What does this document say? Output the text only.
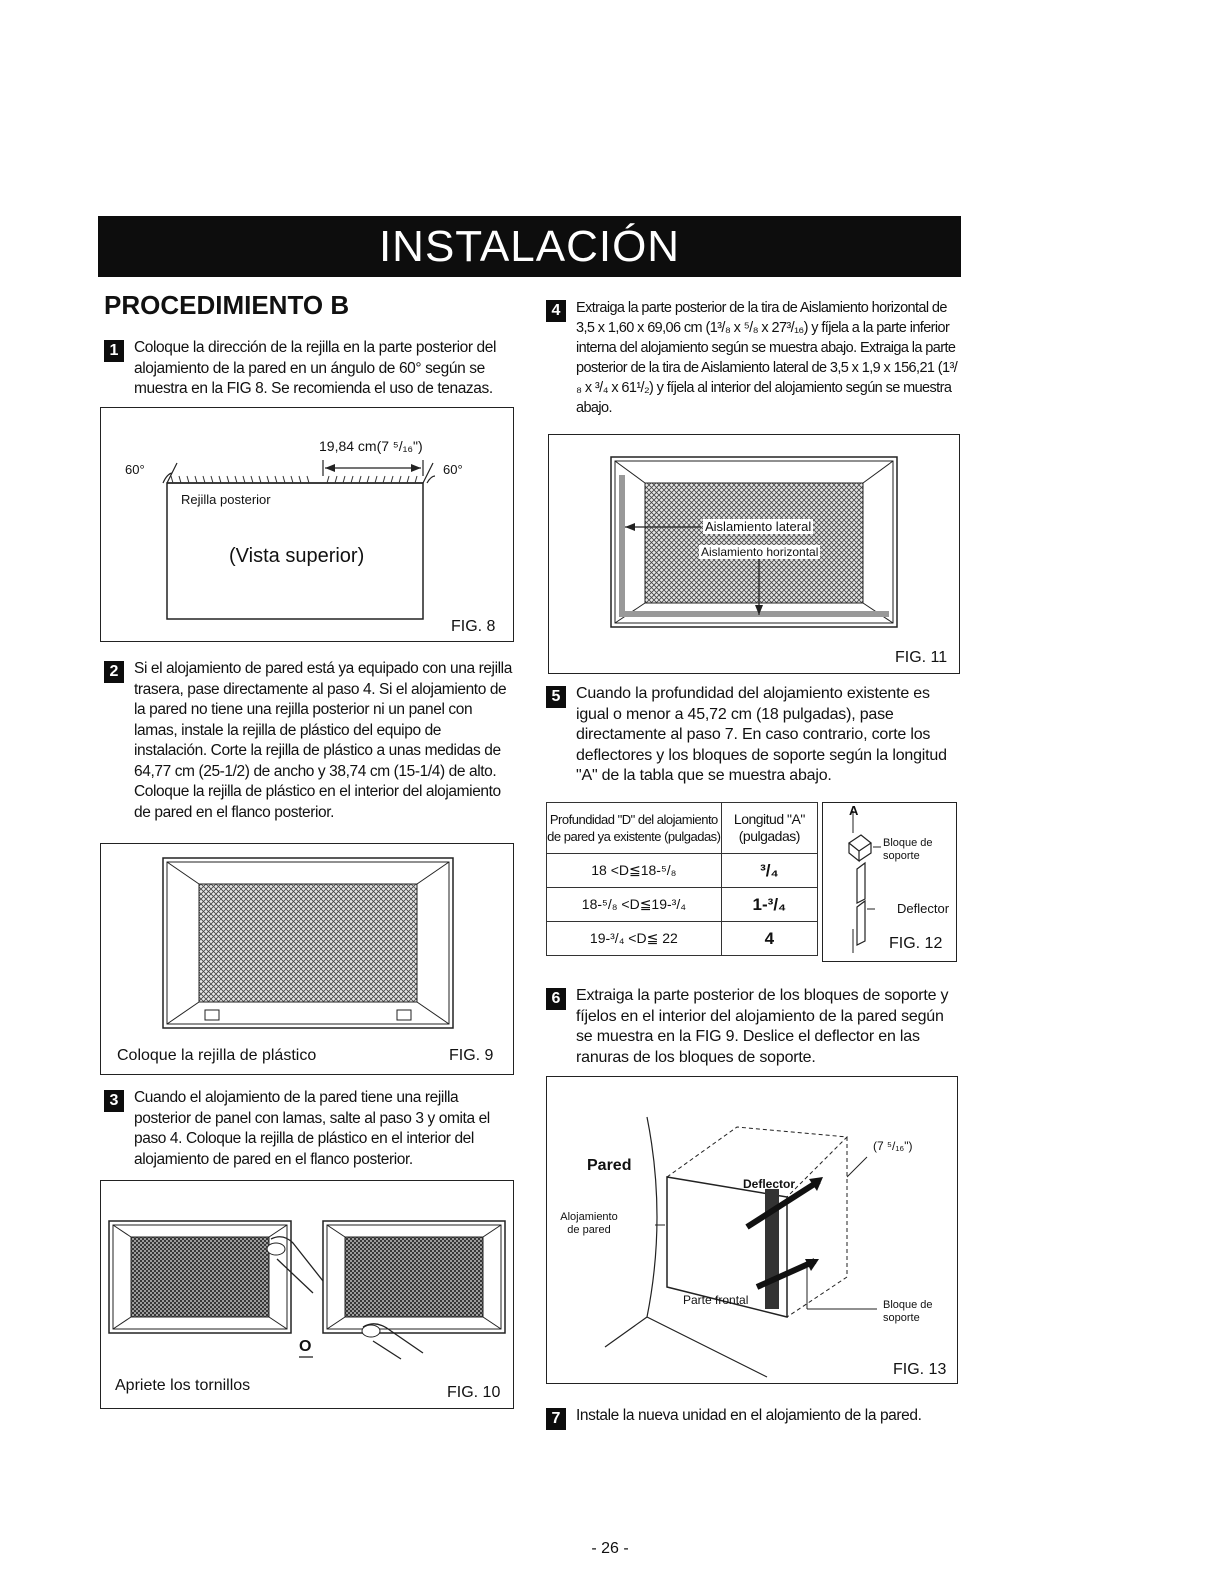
INSTALACIÓN
PROCEDIMIENTO B
1	Coloque la dirección de la rejilla en la parte posterior del alojamiento de la pared en un ángulo de 60° según se muestra en la FIG 8. Se recomienda el uso de tenazas.
19,84 cm(7 ⁵/₁₆")
60°	60°
Rejilla posterior
(Vista superior)
FIG. 8
2	Si el alojamiento de pared está ya equipado con una rejilla trasera, pase directamente al paso 4. Si el alojamiento de la pared no tiene una rejilla posterior ni un panel con lamas, instale la rejilla de plástico del equipo de instalación. Corte la rejilla de plástico a unas medidas de 64,77 cm (25-1/2) de ancho y 38,74 cm (15-1/4) de alto. Coloque la rejilla de plástico en el interior del alojamiento de pared en el flanco posterior.
Coloque la rejilla de plástico	FIG. 9
3	Cuando el alojamiento de la pared tiene una rejilla posterior de panel con lamas, salte al paso 3 y omita el paso 4. Coloque la rejilla de plástico en el interior del alojamiento de pared en el flanco posterior.
O
Apriete los tornillos	FIG. 10
4	Extraiga la parte posterior de la tira de Aislamiento horizontal de 3,5 x 1,60 x 69,06 cm (1³/₈ x ⁵/₈ x 27³/₁₆) y fíjela a la parte inferior interna del alojamiento según se muestra abajo. Extraiga la parte posterior de la tira de Aislamiento lateral de 3,5 x 1,9 x 156,21 (1³/₈ x ³/₄ x 61¹/₂) y fíjela al interior del alojamiento según se muestra abajo.
Aislamiento lateral
Aislamiento horizontal
FIG. 11
5 Cuando la profundidad del alojamiento existente es igual o menor a 45,72 cm (18 pulgadas), pase directamente al paso 7. En caso contrario, corte los deflectores y los bloques de soporte según la longitud "A" de la tabla que se muestra abajo.
Profundidad "D" del alojamiento de pared ya existente (pulgadas)	Longitud "A" (pulgadas)
18 <D≦18-⁵/₈	³/₄
18-⁵/₈ <D≦19-³/₄	1-³/₄
19-³/₄ <D≦ 22	4
A
Bloque de soporte
Deflector
FIG. 12
6 Extraiga la parte posterior de los bloques de soporte y fíjelos en el interior del alojamiento de la pared según se muestra en la FIG 9. Deslice el deflector en las ranuras de los bloques de soporte.
Pared
Alojamiento de pared
Deflector
Parte frontal	Bloque de soporte
(7 ⁵/₁₆")
FIG. 13
7	Instale la nueva unidad en el alojamiento de la pared.
- 26 -
